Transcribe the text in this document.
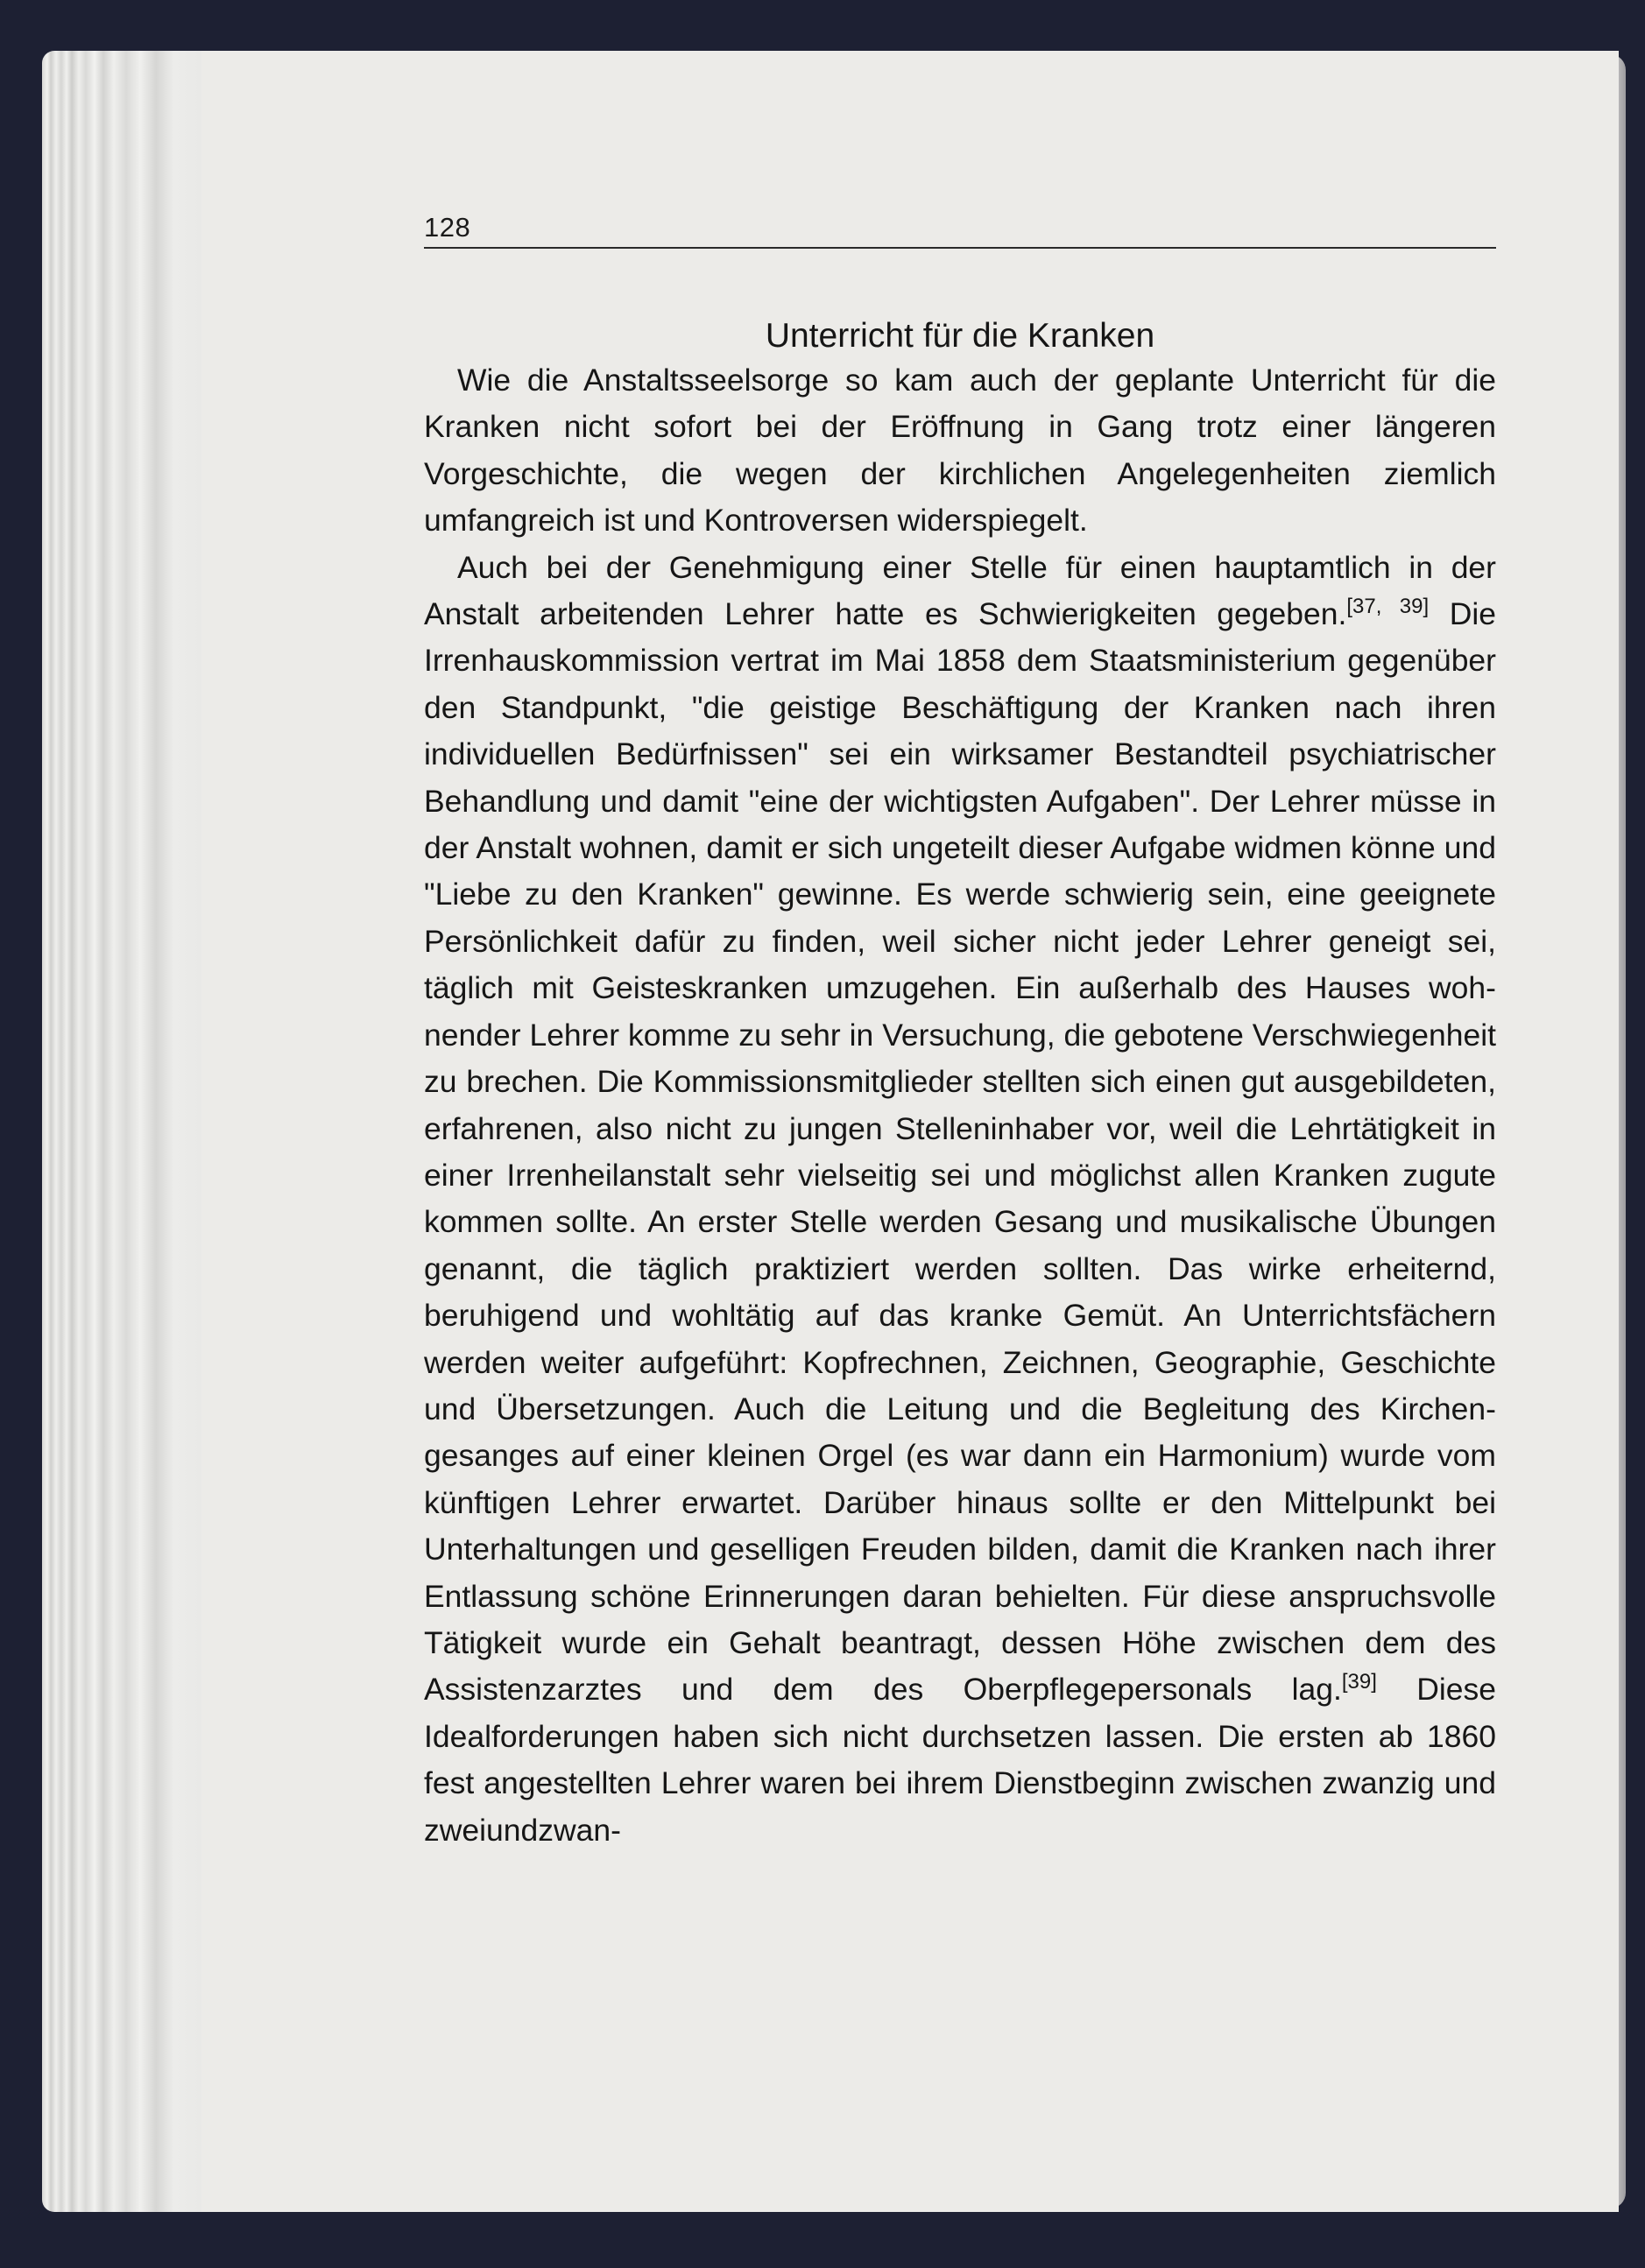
128
Unterricht für die Kranken

Wie die Anstaltsseelsorge so kam auch der geplante Unterricht für die Kranken nicht sofort bei der Eröffnung in Gang trotz einer längeren Vorgeschichte, die wegen der kirchlichen Angelegenheiten ziemlich umfangreich ist und Kontroversen widerspiegelt.

Auch bei der Genehmigung einer Stelle für einen hauptamtlich in der Anstalt arbeitenden Lehrer hatte es Schwierigkeiten gegeben.[37, 39] Die Irrenhauskommission vertrat im Mai 1858 dem Staatsministerium gegenüber den Standpunkt, "die geistige Beschäftigung der Kranken nach ihren individuellen Bedürfnissen" sei ein wirksamer Bestandteil psychiatrischer Behandlung und damit "eine der wichtigsten Aufgaben". Der Lehrer müsse in der Anstalt wohnen, damit er sich ungeteilt dieser Aufgabe widmen könne und "Liebe zu den Kranken" gewinne. Es werde schwierig sein, eine geeignete Persönlichkeit dafür zu finden, weil sicher nicht jeder Lehrer geneigt sei, täglich mit Geisteskranken umzugehen. Ein außerhalb des Hauses wohnender Lehrer komme zu sehr in Versuchung, die gebotene Verschwiegenheit zu brechen. Die Kommissionsmitglieder stellten sich einen gut ausgebildeten, erfahrenen, also nicht zu jungen Stelleninhaber vor, weil die Lehrtätigkeit in einer Irrenheilanstalt sehr vielseitig sei und möglichst allen Kranken zugute kommen sollte. An erster Stelle werden Gesang und musikalische Übungen genannt, die täglich praktiziert werden sollten. Das wirke erheiternd, beruhigend und wohltätig auf das kranke Gemüt. An Unterrichtsfächern werden weiter aufgeführt: Kopfrechnen, Zeichnen, Geographie, Geschichte und Übersetzungen. Auch die Leitung und die Begleitung des Kirchengesanges auf einer kleinen Orgel (es war dann ein Harmonium) wurde vom künftigen Lehrer erwartet. Darüber hinaus sollte er den Mittelpunkt bei Unterhaltungen und geselligen Freuden bilden, damit die Kranken nach ihrer Entlassung schöne Erinnerungen daran behielten. Für diese anspruchsvolle Tätigkeit wurde ein Gehalt beantragt, dessen Höhe zwischen dem des Assistenzarztes und dem des Oberpflegepersonals lag.[39] Diese Idealforderungen haben sich nicht durchsetzen lassen. Die ersten ab 1860 fest angestellten Lehrer waren bei ihrem Dienstbeginn zwischen zwanzig und zweiundzwan-
